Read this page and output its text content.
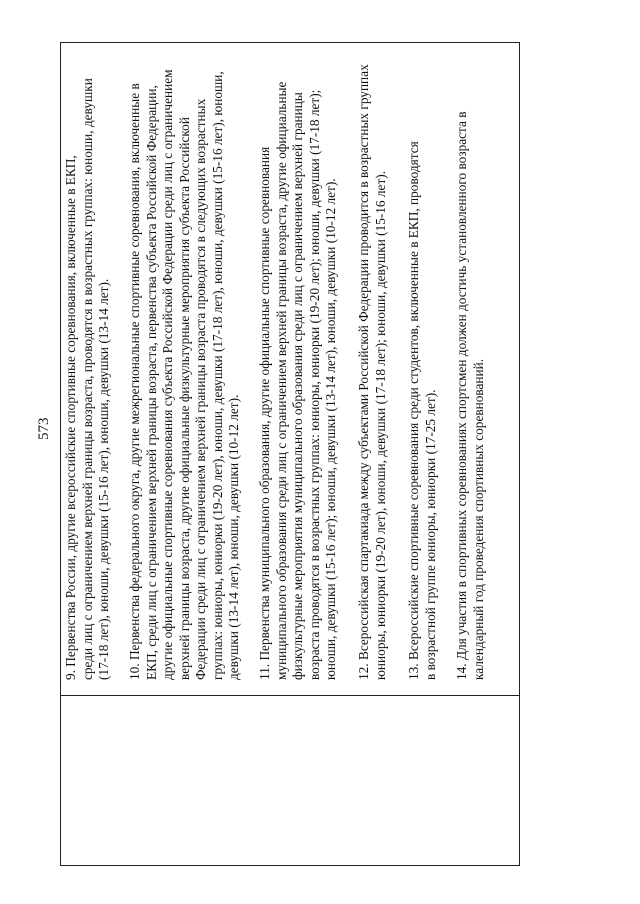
573 9. Первенства России, другие всероссийские спортивные соревнования, включенные в ЕКП, среди лиц с ограничением верхней границы возраста, проводятся в возрастных группах: юноши, девушки (17-18 лет), юноши, девушки (15-16 лет), юноши, девушки (13-14 лет). 10. Первенства федерального округа, другие межрегиональные спортивные соревнования, включенные в ЕКП, среди лиц с ограничением верхней границы возраста, первенства субъекта Российской Федерации, другие официальные спортивные соревнования субъекта Российской Федерации среди лиц с ограничением верхней границы возраста, другие официальные физкультурные мероприятия субъекта Российской Федерации среди лиц с ограничением верхней границы возраста проводятся в следующих возрастных группах: юниоры, юниорки (19-20 лет), юноши, девушки (17-18 лет), юноши, девушки (15-16 лет), юноши, девушки (13-14 лет), юноши, девушки (10-12 лет). 11. Первенства муниципального образования, другие официальные спортивные соревнования муниципального образования среди лиц с ограничением верхней границы возраста, другие официальные физкультурные мероприятия муниципального образования среди лиц с ограничением верхней границы возраста проводятся в возрастных группах: юниоры, юниорки (19-20 лет); юноши, девушки (17-18 лет); юноши, девушки (15-16 лет); юноши, девушки (13-14 лет), юноши, девушки (10-12 лет). 12. Всероссийская спартакиада между субъектами Российской Федерации проводится в возрастных группах юниоры, юниорки (19-20 лет), юноши, девушки (17-18 лет); юноши, девушки (15-16 лет). 13. Всероссийские спортивные соревнования среди студентов, включенные в ЕКП, проводятся в возрастной группе юниоры, юниорки (17-25 лет). 14. Для участия в спортивных соревнованиях спортсмен должен достичь установленного возраста в календарный год проведения спортивных соревнований.
